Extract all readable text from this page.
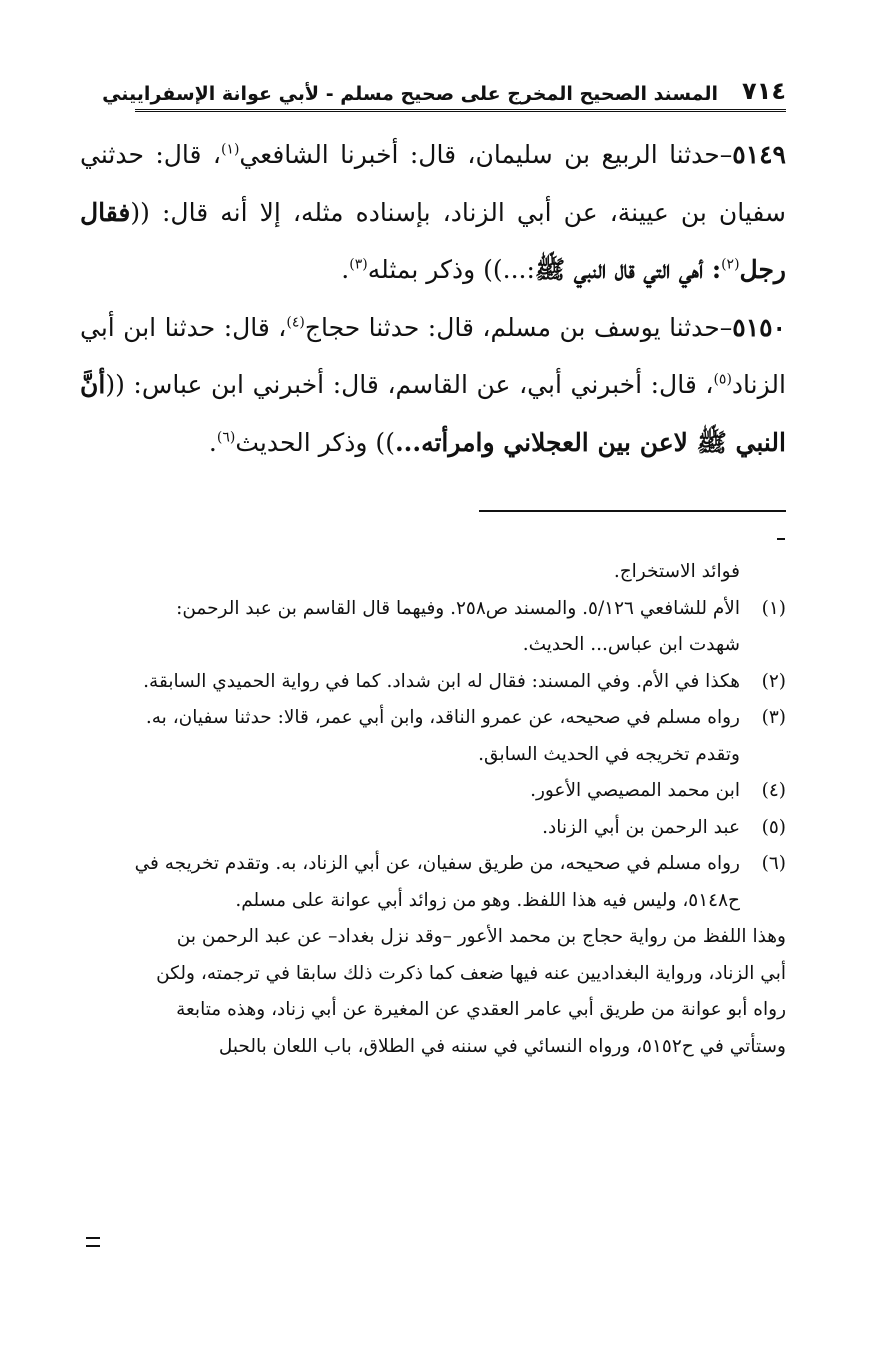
٧١٤
المسند الصحيح المخرج على صحيح مسلم - لأبي عوانة الإسفراييني

٥١٤٩–حدثنا الربيع بن سليمان، قال: أخبرنا الشافعي$^{(١)}$، قال: حدثني سفيان بن عيينة، عن أبي الزناد، بإسناده مثله، إلا أنه قال: ((فقال رجل$^{(٢)}$: أهي التي قال النبي ﷺ:...)) وذكر بمثله$^{(٣)}$.

٥١٥٠–حدثنا يوسف بن مسلم، قال: حدثنا حجاج$^{(٤)}$، قال: حدثنا ابن أبي الزناد$^{(٥)}$، قال: أخبرني أبي، عن القاسم، قال: أخبرني ابن عباس: ((أنَّ النبي ﷺ لاعن بين العجلاني وامرأته...)) وذكر الحديث$^{(٦)}$.

فوائد الاستخراج.
(١)الأم للشافعي ٥/١٢٦. والمسند ص٢٥٨. وفيهما قال القاسم بن عبد الرحمن:
شهدت ابن عباس... الحديث.
(٢)هكذا في الأم. وفي المسند: فقال له ابن شداد. كما في رواية الحميدي السابقة.
(٣)رواه مسلم في صحيحه، عن عمرو الناقد، وابن أبي عمر، قالا: حدثنا سفيان، به.
وتقدم تخريجه في الحديث السابق.
(٤)ابن محمد المصيصي الأعور.
(٥)عبد الرحمن بن أبي الزناد.
(٦)رواه مسلم في صحيحه، من طريق سفيان، عن أبي الزناد، به. وتقدم تخريجه في
ح٥١٤٨، وليس فيه هذا اللفظ. وهو من زوائد أبي عوانة على مسلم.
وهذا اللفظ من رواية حجاج بن محمد الأعور –وقد نزل بغداد– عن عبد الرحمن بن
أبي الزناد، ورواية البغداديين عنه فيها ضعف كما ذكرت ذلك سابقا في ترجمته، ولكن
رواه أبو عوانة من طريق أبي عامر العقدي عن المغيرة عن أبي زناد، وهذه متابعة
وستأتي في ح٥١٥٢، ورواه النسائي في سننه في الطلاق، باب اللعان بالحبل
